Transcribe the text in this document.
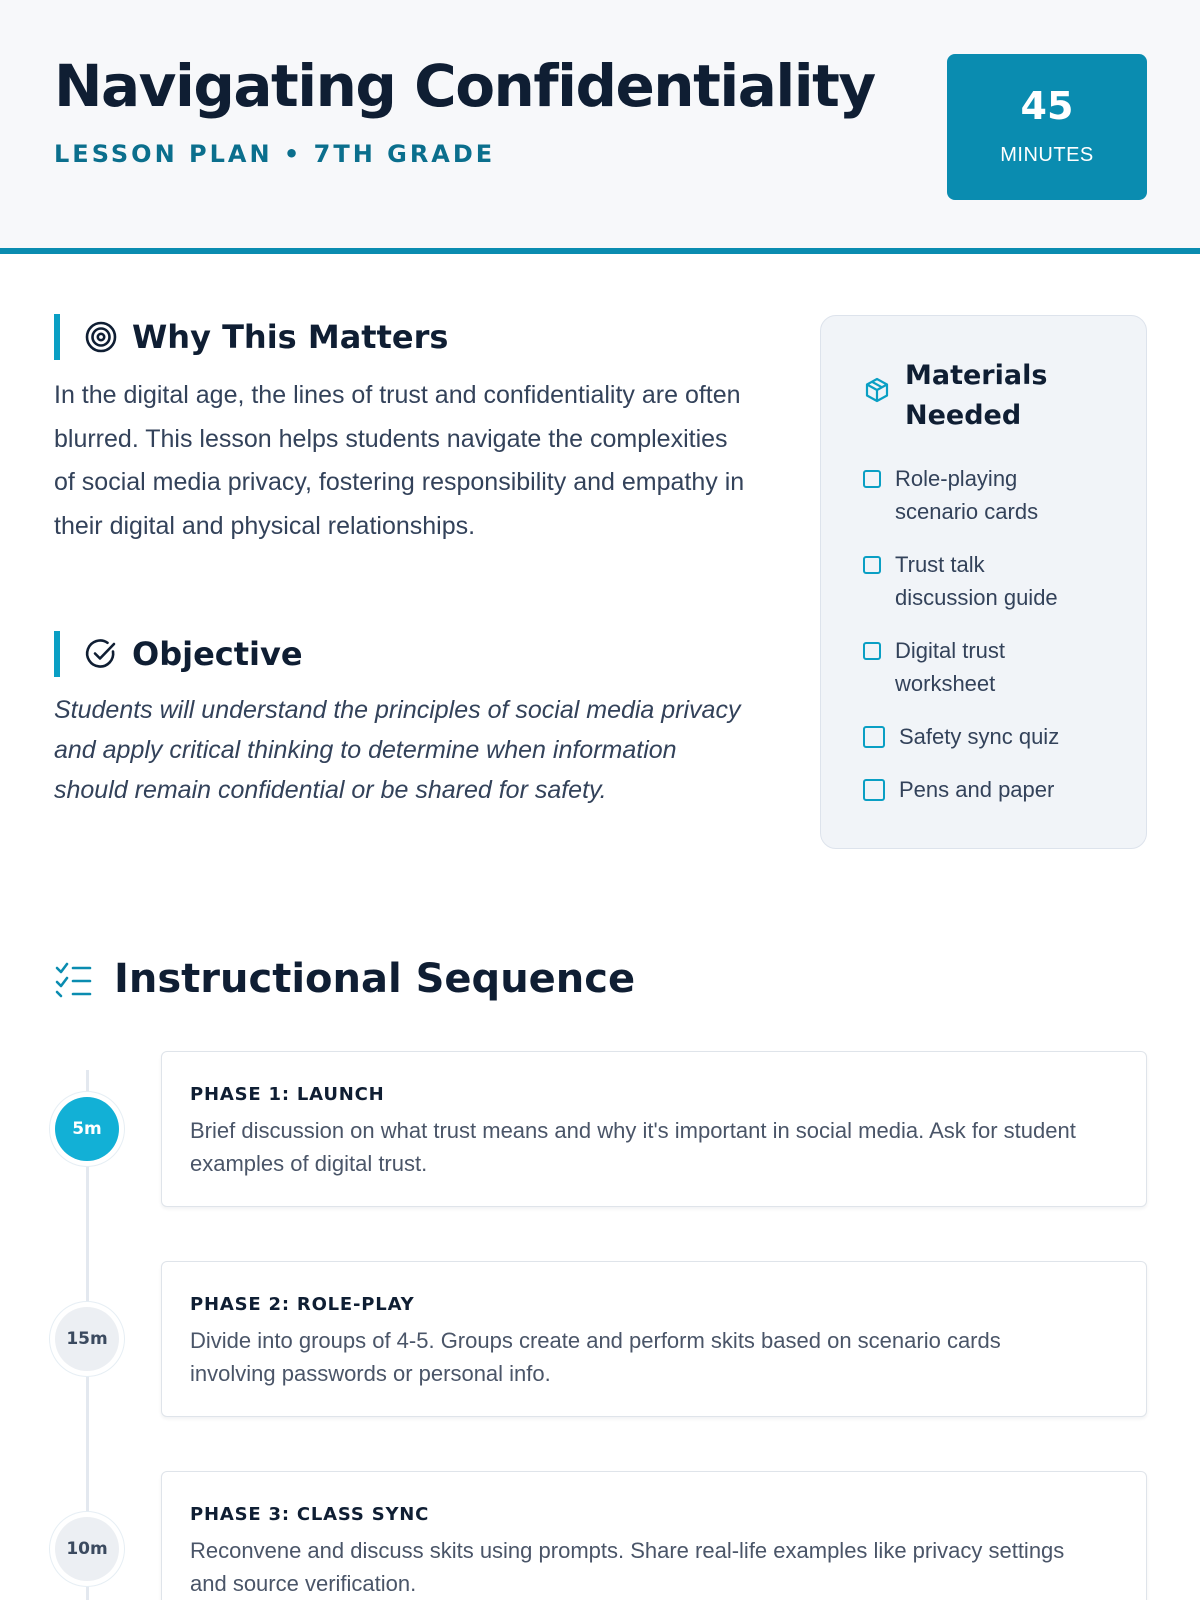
Navigating Confidentiality
LESSON PLAN • 7TH GRADE
45
MINUTES
Why This Matters

In the digital age, the lines of trust and confidentiality are often blurred. This lesson helps students navigate the complexities of social media privacy, fostering responsibility and empathy in their digital and physical relationships.

Objective

Students will understand the principles of social media privacy and apply critical thinking to determine when information should remain confidential or be shared for safety.

Materials Needed
Role-playing scenario cards
Trust talk discussion guide
Digital trust worksheet
Safety sync quiz
Pens and paper
Instructional Sequence
5m
PHASE 1: LAUNCH
Brief discussion on what trust means and why it's important in social media. Ask for student examples of digital trust.
15m
PHASE 2: ROLE-PLAY
Divide into groups of 4-5. Groups create and perform skits based on scenario cards involving passwords or personal info.
10m
PHASE 3: CLASS SYNC
Reconvene and discuss skits using prompts. Share real-life examples like privacy settings and source verification.
